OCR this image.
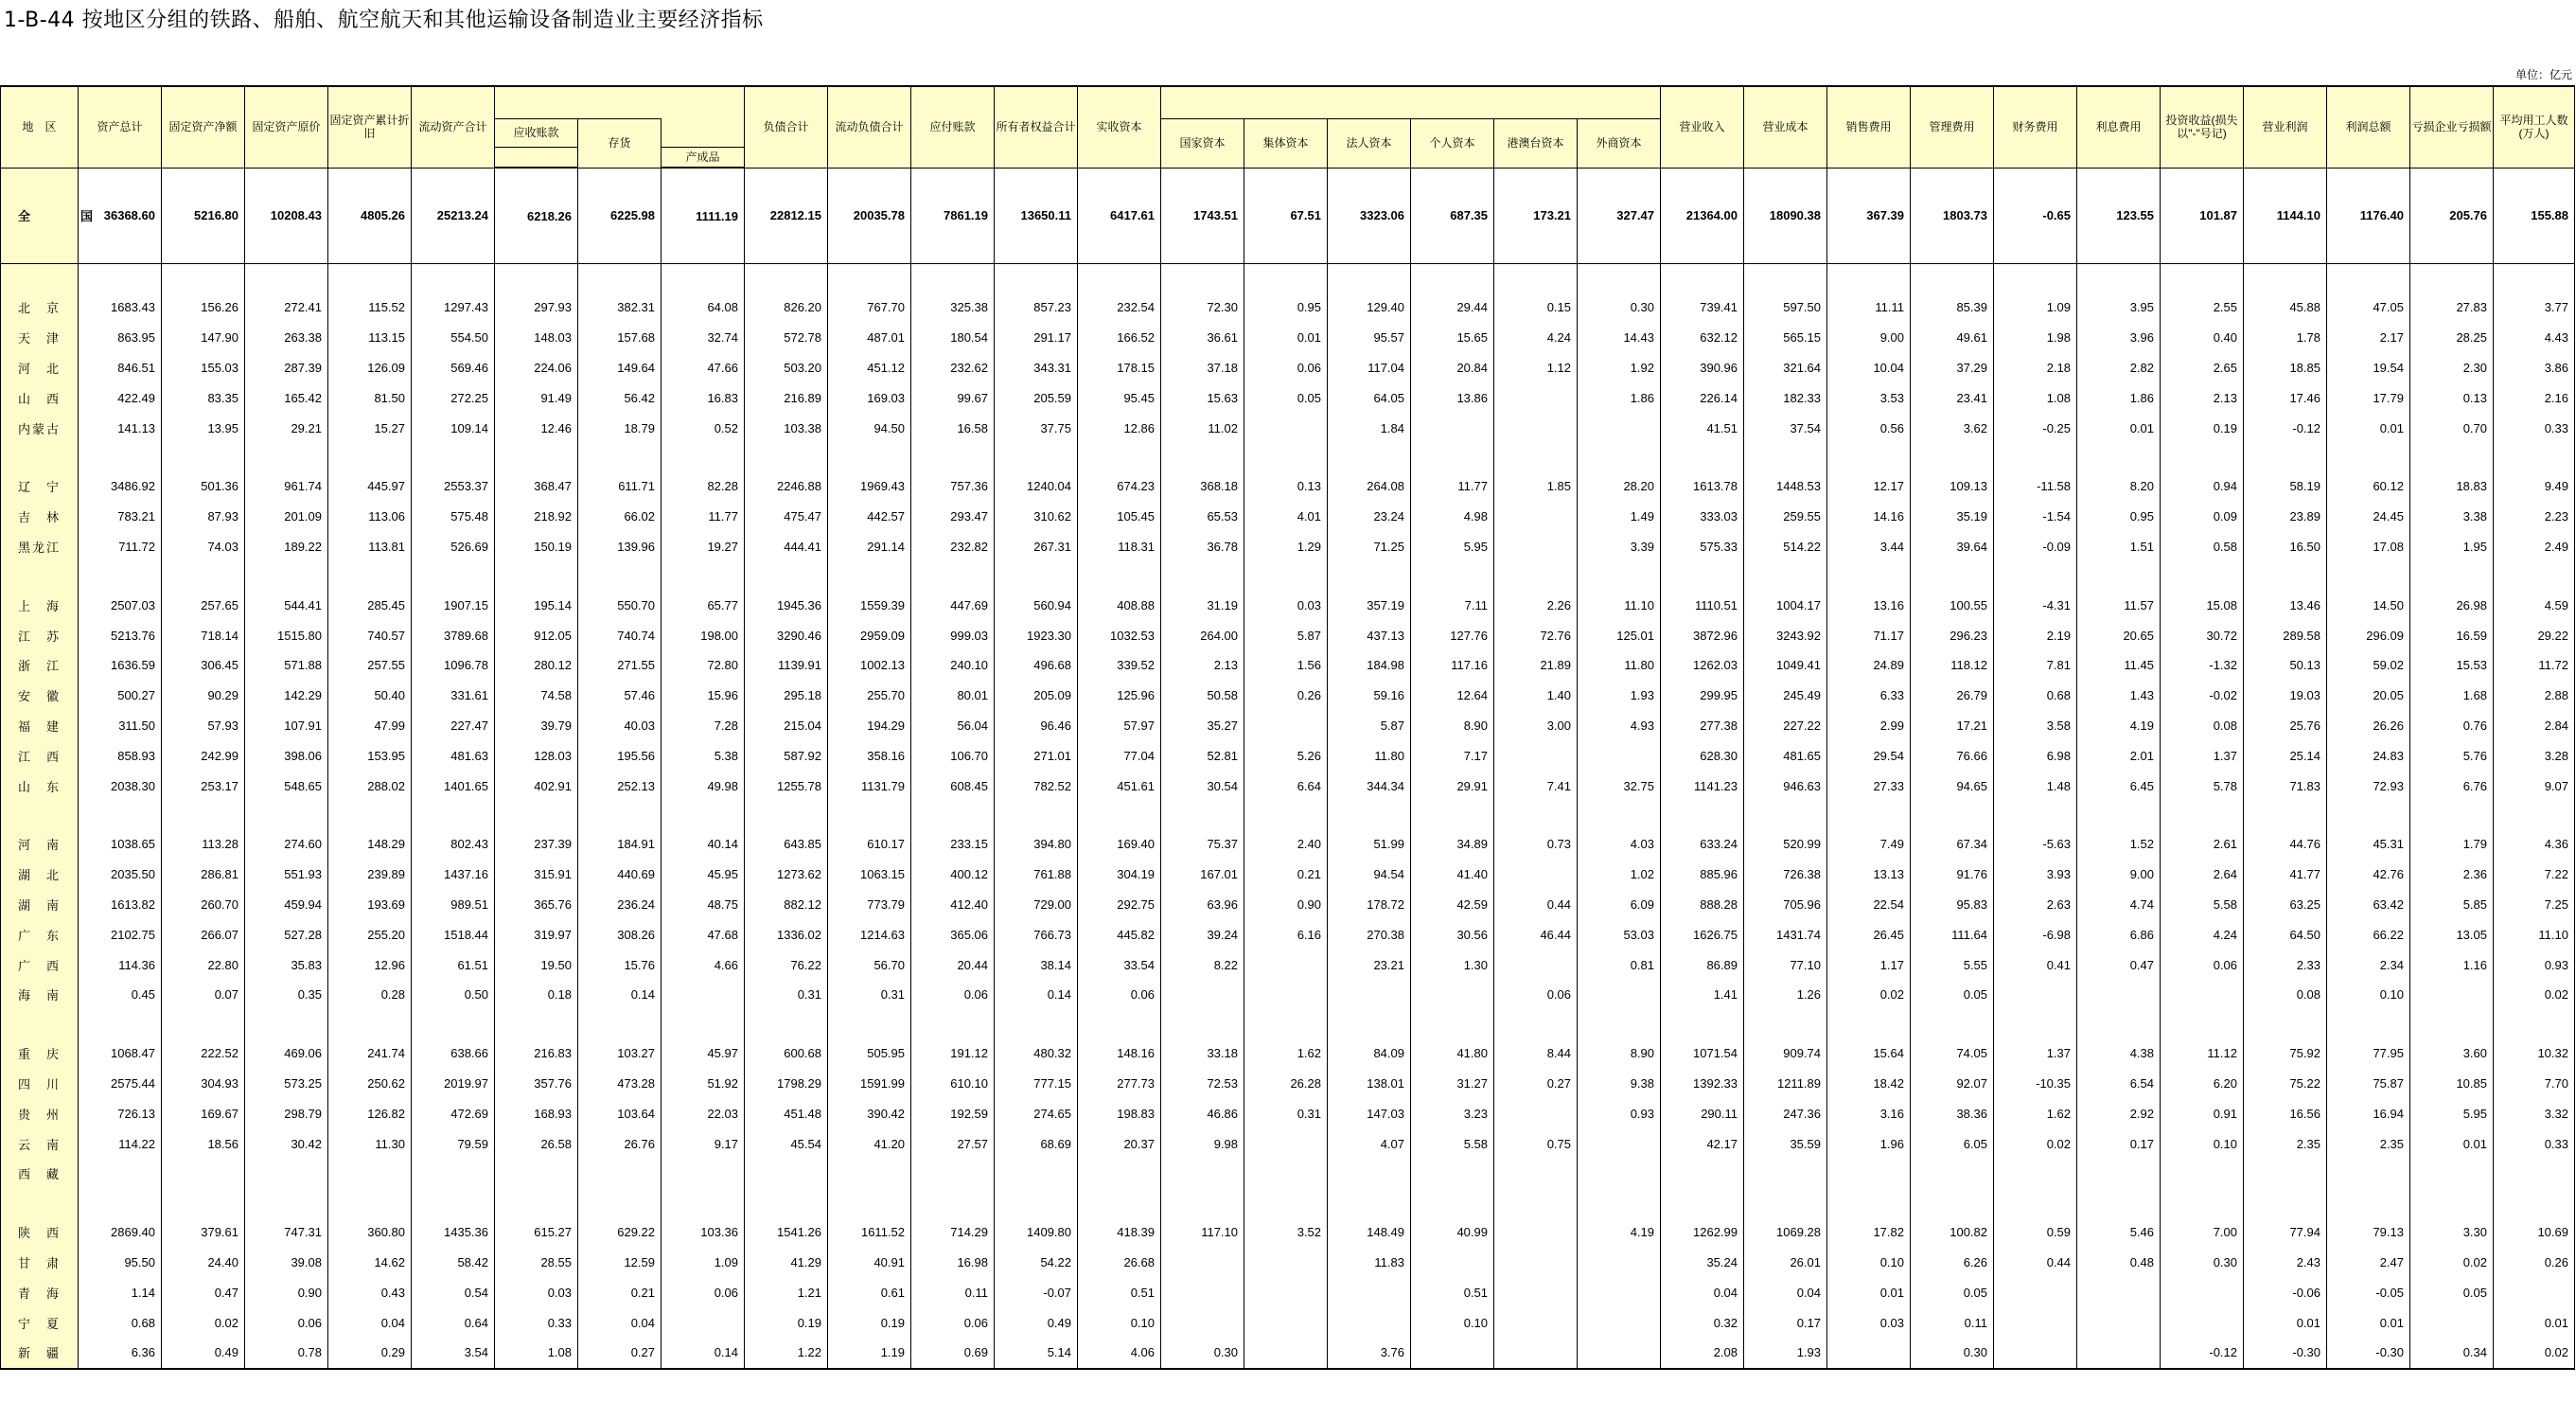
1-B-44 按地区分组的铁路、船舶、航空航天和其他运输设备制造业主要经济指标
单位：亿元
地　区	资产总计	固定资产净额	固定资产原价	固定资产累计折旧	流动资产合计				负债合计	流动负债合计	应付账款	所有者权益合计	实收资本							营业收入	营业成本	销售费用	管理费用	财务费用	利息费用	投资收益(损失以"-"号记)	营业利润	利润总额	亏损企业亏损额	平均用工人数(万人)
						应收账款	存货							国家资本	集体资本	法人资本	个人资本	港澳台资本	外商资本											
								产成品																						
全　国	36368.60	5216.80	10208.43	4805.26	25213.24	6218.26	6225.98	1111.19	22812.15	20035.78	7861.19	13650.11	6417.61	1743.51	67.51	3323.06	687.35	173.21	327.47	21364.00	18090.38	367.39	1803.73	-0.65	123.55	101.87	1144.10	1176.40	205.76	155.88

北　京	1683.43	156.26	272.41	115.52	1297.43	297.93	382.31	64.08	826.20	767.70	325.38	857.23	232.54	72.30	0.95	129.40	29.44	0.15	0.30	739.41	597.50	11.11	85.39	1.09	3.95	2.55	45.88	47.05	27.83	3.77
天　津	863.95	147.90	263.38	113.15	554.50	148.03	157.68	32.74	572.78	487.01	180.54	291.17	166.52	36.61	0.01	95.57	15.65	4.24	14.43	632.12	565.15	9.00	49.61	1.98	3.96	0.40	1.78	2.17	28.25	4.43
河　北	846.51	155.03	287.39	126.09	569.46	224.06	149.64	47.66	503.20	451.12	232.62	343.31	178.15	37.18	0.06	117.04	20.84	1.12	1.92	390.96	321.64	10.04	37.29	2.18	2.82	2.65	18.85	19.54	2.30	3.86
山　西	422.49	83.35	165.42	81.50	272.25	91.49	56.42	16.83	216.89	169.03	99.67	205.59	95.45	15.63	0.05	64.05	13.86		1.86	226.14	182.33	3.53	23.41	1.08	1.86	2.13	17.46	17.79	0.13	2.16
内蒙古	141.13	13.95	29.21	15.27	109.14	12.46	18.79	0.52	103.38	94.50	16.58	37.75	12.86	11.02		1.84				41.51	37.54	0.56	3.62	-0.25	0.01	0.19	-0.12	0.01	0.70	0.33

辽　宁	3486.92	501.36	961.74	445.97	2553.37	368.47	611.71	82.28	2246.88	1969.43	757.36	1240.04	674.23	368.18	0.13	264.08	11.77	1.85	28.20	1613.78	1448.53	12.17	109.13	-11.58	8.20	0.94	58.19	60.12	18.83	9.49
吉　林	783.21	87.93	201.09	113.06	575.48	218.92	66.02	11.77	475.47	442.57	293.47	310.62	105.45	65.53	4.01	23.24	4.98		1.49	333.03	259.55	14.16	35.19	-1.54	0.95	0.09	23.89	24.45	3.38	2.23
黑龙江	711.72	74.03	189.22	113.81	526.69	150.19	139.96	19.27	444.41	291.14	232.82	267.31	118.31	36.78	1.29	71.25	5.95		3.39	575.33	514.22	3.44	39.64	-0.09	1.51	0.58	16.50	17.08	1.95	2.49

上　海	2507.03	257.65	544.41	285.45	1907.15	195.14	550.70	65.77	1945.36	1559.39	447.69	560.94	408.88	31.19	0.03	357.19	7.11	2.26	11.10	1110.51	1004.17	13.16	100.55	-4.31	11.57	15.08	13.46	14.50	26.98	4.59
江　苏	5213.76	718.14	1515.80	740.57	3789.68	912.05	740.74	198.00	3290.46	2959.09	999.03	1923.30	1032.53	264.00	5.87	437.13	127.76	72.76	125.01	3872.96	3243.92	71.17	296.23	2.19	20.65	30.72	289.58	296.09	16.59	29.22
浙　江	1636.59	306.45	571.88	257.55	1096.78	280.12	271.55	72.80	1139.91	1002.13	240.10	496.68	339.52	2.13	1.56	184.98	117.16	21.89	11.80	1262.03	1049.41	24.89	118.12	7.81	11.45	-1.32	50.13	59.02	15.53	11.72
安　徽	500.27	90.29	142.29	50.40	331.61	74.58	57.46	15.96	295.18	255.70	80.01	205.09	125.96	50.58	0.26	59.16	12.64	1.40	1.93	299.95	245.49	6.33	26.79	0.68	1.43	-0.02	19.03	20.05	1.68	2.88
福　建	311.50	57.93	107.91	47.99	227.47	39.79	40.03	7.28	215.04	194.29	56.04	96.46	57.97	35.27		5.87	8.90	3.00	4.93	277.38	227.22	2.99	17.21	3.58	4.19	0.08	25.76	26.26	0.76	2.84
江　西	858.93	242.99	398.06	153.95	481.63	128.03	195.56	5.38	587.92	358.16	106.70	271.01	77.04	52.81	5.26	11.80	7.17			628.30	481.65	29.54	76.66	6.98	2.01	1.37	25.14	24.83	5.76	3.28
山　东	2038.30	253.17	548.65	288.02	1401.65	402.91	252.13	49.98	1255.78	1131.79	608.45	782.52	451.61	30.54	6.64	344.34	29.91	7.41	32.75	1141.23	946.63	27.33	94.65	1.48	6.45	5.78	71.83	72.93	6.76	9.07

河　南	1038.65	113.28	274.60	148.29	802.43	237.39	184.91	40.14	643.85	610.17	233.15	394.80	169.40	75.37	2.40	51.99	34.89	0.73	4.03	633.24	520.99	7.49	67.34	-5.63	1.52	2.61	44.76	45.31	1.79	4.36
湖　北	2035.50	286.81	551.93	239.89	1437.16	315.91	440.69	45.95	1273.62	1063.15	400.12	761.88	304.19	167.01	0.21	94.54	41.40		1.02	885.96	726.38	13.13	91.76	3.93	9.00	2.64	41.77	42.76	2.36	7.22
湖　南	1613.82	260.70	459.94	193.69	989.51	365.76	236.24	48.75	882.12	773.79	412.40	729.00	292.75	63.96	0.90	178.72	42.59	0.44	6.09	888.28	705.96	22.54	95.83	2.63	4.74	5.58	63.25	63.42	5.85	7.25
广　东	2102.75	266.07	527.28	255.20	1518.44	319.97	308.26	47.68	1336.02	1214.63	365.06	766.73	445.82	39.24	6.16	270.38	30.56	46.44	53.03	1626.75	1431.74	26.45	111.64	-6.98	6.86	4.24	64.50	66.22	13.05	11.10
广　西	114.36	22.80	35.83	12.96	61.51	19.50	15.76	4.66	76.22	56.70	20.44	38.14	33.54	8.22		23.21	1.30		0.81	86.89	77.10	1.17	5.55	0.41	0.47	0.06	2.33	2.34	1.16	0.93
海　南	0.45	0.07	0.35	0.28	0.50	0.18	0.14		0.31	0.31	0.06	0.14	0.06					0.06		1.41	1.26	0.02	0.05				0.08	0.10		0.02

重　庆	1068.47	222.52	469.06	241.74	638.66	216.83	103.27	45.97	600.68	505.95	191.12	480.32	148.16	33.18	1.62	84.09	41.80	8.44	8.90	1071.54	909.74	15.64	74.05	1.37	4.38	11.12	75.92	77.95	3.60	10.32
四　川	2575.44	304.93	573.25	250.62	2019.97	357.76	473.28	51.92	1798.29	1591.99	610.10	777.15	277.73	72.53	26.28	138.01	31.27	0.27	9.38	1392.33	1211.89	18.42	92.07	-10.35	6.54	6.20	75.22	75.87	10.85	7.70
贵　州	726.13	169.67	298.79	126.82	472.69	168.93	103.64	22.03	451.48	390.42	192.59	274.65	198.83	46.86	0.31	147.03	3.23		0.93	290.11	247.36	3.16	38.36	1.62	2.92	0.91	16.56	16.94	5.95	3.32
云　南	114.22	18.56	30.42	11.30	79.59	26.58	26.76	9.17	45.54	41.20	27.57	68.69	20.37	9.98		4.07	5.58	0.75		42.17	35.59	1.96	6.05	0.02	0.17	0.10	2.35	2.35	0.01	0.33
西　藏																														

陕　西	2869.40	379.61	747.31	360.80	1435.36	615.27	629.22	103.36	1541.26	1611.52	714.29	1409.80	418.39	117.10	3.52	148.49	40.99		4.19	1262.99	1069.28	17.82	100.82	0.59	5.46	7.00	77.94	79.13	3.30	10.69
甘　肃	95.50	24.40	39.08	14.62	58.42	28.55	12.59	1.09	41.29	40.91	16.98	54.22	26.68			11.83				35.24	26.01	0.10	6.26	0.44	0.48	0.30	2.43	2.47	0.02	0.26
青　海	1.14	0.47	0.90	0.43	0.54	0.03	0.21	0.06	1.21	0.61	0.11	-0.07	0.51				0.51			0.04	0.04	0.01	0.05				-0.06	-0.05	0.05	
宁　夏	0.68	0.02	0.06	0.04	0.64	0.33	0.04		0.19	0.19	0.06	0.49	0.10				0.10			0.32	0.17	0.03	0.11				0.01	0.01		0.01
新　疆	6.36	0.49	0.78	0.29	3.54	1.08	0.27	0.14	1.22	1.19	0.69	5.14	4.06	0.30		3.76				2.08	1.93		0.30			-0.12	-0.30	-0.30	0.34	0.02
